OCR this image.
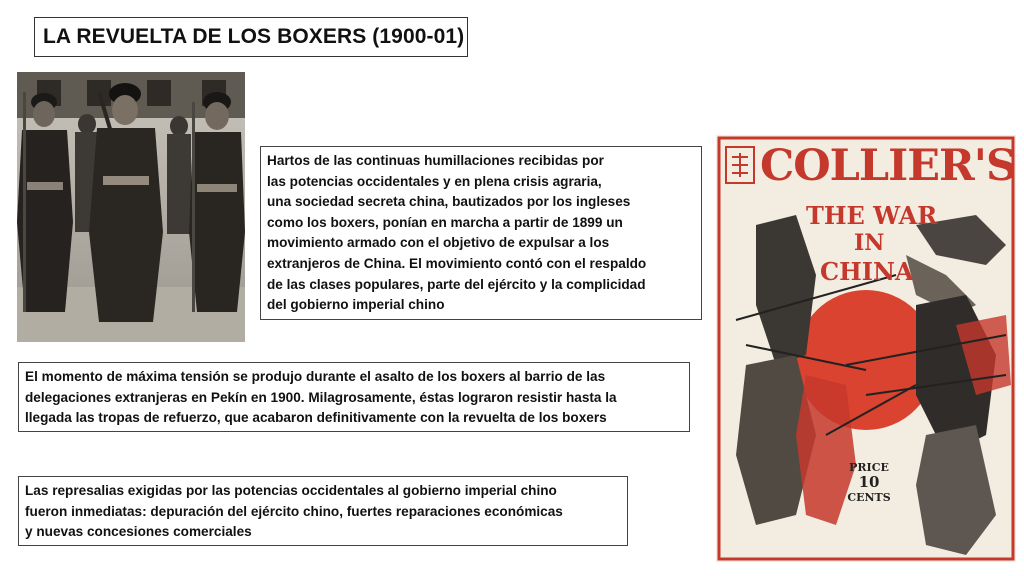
LA REVUELTA DE LOS BOXERS (1900-01)
Hartos de las continuas humillaciones recibidas por
las potencias occidentales y en plena crisis agraria,
una sociedad secreta china, bautizados por los ingleses
como los boxers, ponían en marcha a partir de 1899 un
movimiento armado con el objetivo de expulsar a los
extranjeros de China. El movimiento contó con el respaldo
de las clases populares, parte del ejército y la complicidad
del gobierno imperial chino
El momento de máxima tensión se produjo durante el asalto de los boxers al barrio de las
delegaciones extranjeras en Pekín en 1900. Milagrosamente, éstas lograron resistir hasta la
llegada las tropas de refuerzo, que acabaron definitivamente con la revuelta de los boxers
Las represalias exigidas por las potencias occidentales al gobierno imperial chino
fueron inmediatas: depuración del ejército chino, fuertes reparaciones económicas
y nuevas concesiones comerciales
COLLIER'S
THE WAR
IN
CHINA
PRICE
10
CENTS
